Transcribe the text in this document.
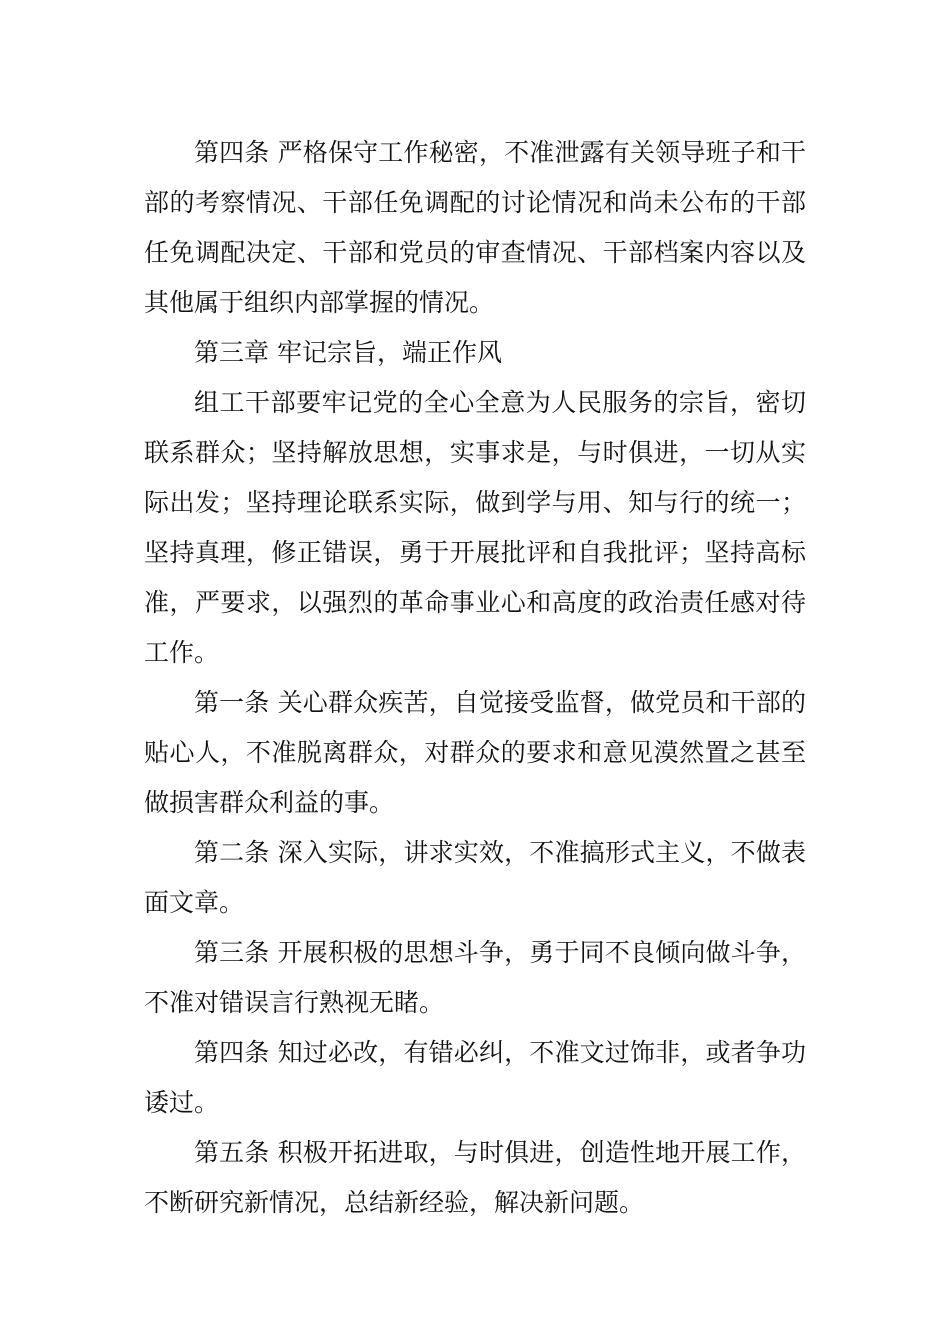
第四条 严格保守工作秘密，不准泄露有关领导班子和干部的考察情况、干部任免调配的讨论情况和尚未公布的干部任免调配决定、干部和党员的审查情况、干部档案内容以及其他属于组织内部掌握的情况。

第三章 牢记宗旨，端正作风

组工干部要牢记党的全心全意为人民服务的宗旨，密切联系群众；坚持解放思想，实事求是，与时俱进，一切从实际出发；坚持理论联系实际，做到学与用、知与行的统一；坚持真理，修正错误，勇于开展批评和自我批评；坚持高标准，严要求，以强烈的革命事业心和高度的政治责任感对待工作。

第一条 关心群众疾苦，自觉接受监督，做党员和干部的贴心人，不准脱离群众，对群众的要求和意见漠然置之甚至做损害群众利益的事。

第二条 深入实际，讲求实效，不准搞形式主义，不做表面文章。

第三条 开展积极的思想斗争，勇于同不良倾向做斗争，不准对错误言行熟视无睹。

第四条 知过必改，有错必纠，不准文过饰非，或者争功诿过。

第五条 积极开拓进取，与时俱进，创造性地开展工作，不断研究新情况，总结新经验，解决新问题。
